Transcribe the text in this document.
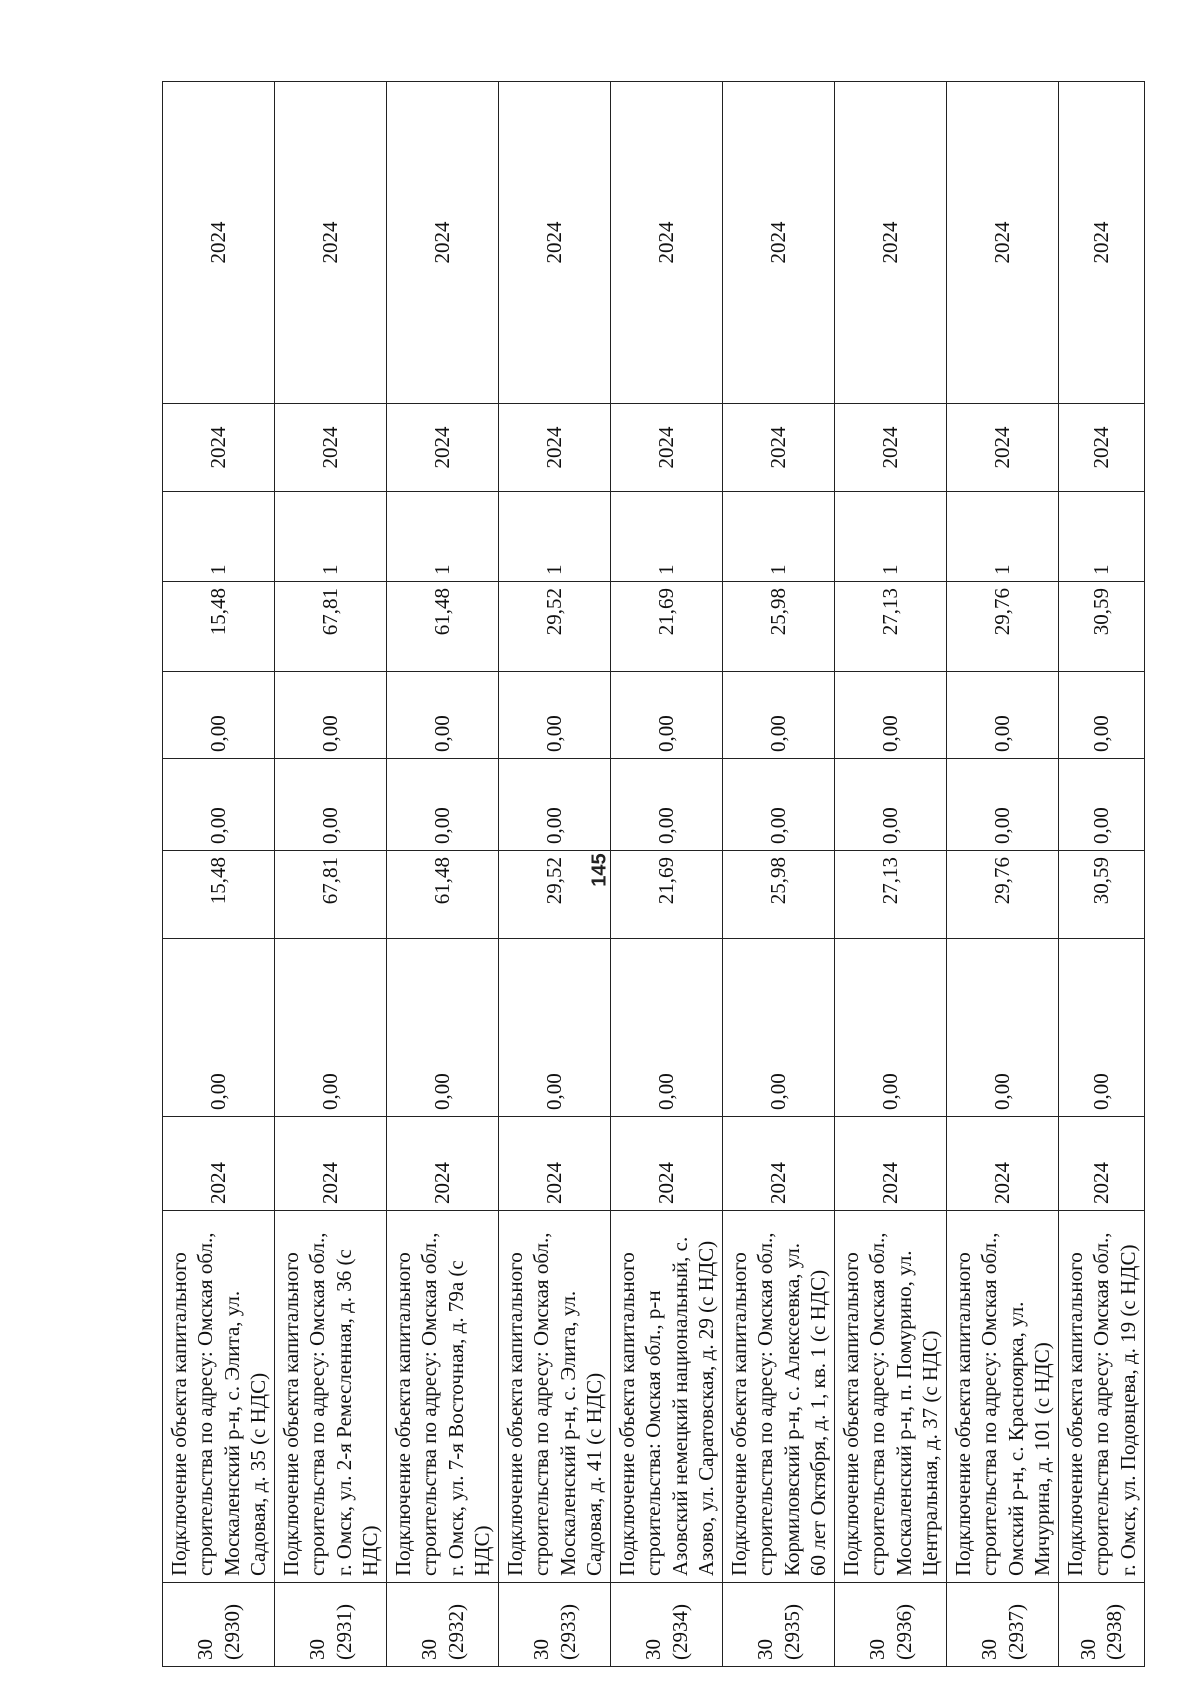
145
30 (2930)	Подключение объекта капитального строительства по адресу: Омская обл., Москаленский р-н, с. Элита, ул. Садовая, д. 35 (с НДС)	2024	0,00	15,48	0,00	0,00	15,48	1	2024	2024

30 (2931)	Подключение объекта капитального строительства по адресу: Омская обл., г. Омск, ул. 2-я Ремесленная, д. 36 (с НДС)	2024	0,00	67,81	0,00	0,00	67,81	1	2024	2024

30 (2932)	Подключение объекта капитального строительства по адресу: Омская обл., г. Омск, ул. 7-я Восточная, д. 79а (с НДС)	2024	0,00	61,48	0,00	0,00	61,48	1	2024	2024

30 (2933)	Подключение объекта капитального строительства по адресу: Омская обл., Москаленский р-н, с. Элита, ул. Садовая, д. 41 (с НДС)	2024	0,00	29,52	0,00	0,00	29,52	1	2024	2024

30 (2934)	Подключение объекта капитального строительства: Омская обл., р-н Азовский немецкий национальный, с. Азово, ул. Саратовская, д. 29 (с НДС)	2024	0,00	21,69	0,00	0,00	21,69	1	2024	2024

30 (2935)	Подключение объекта капитального строительства по адресу: Омская обл., Кормиловский р-н, с. Алексеевка, ул. 60 лет Октября, д. 1, кв. 1 (с НДС)	2024	0,00	25,98	0,00	0,00	25,98	1	2024	2024

30 (2936)	Подключение объекта капитального строительства по адресу: Омская обл., Москаленский р-н, п. Помурино, ул. Центральная, д. 37 (с НДС)	2024	0,00	27,13	0,00	0,00	27,13	1	2024	2024

30 (2937)	Подключение объекта капитального строительства по адресу: Омская обл., Омский р-н, с. Красноярка, ул. Мичурина, д. 101 (с НДС)	2024	0,00	29,76	0,00	0,00	29,76	1	2024	2024

30 (2938)	Подключение объекта капитального строительства по адресу: Омская обл., г. Омск, ул. Подовцева, д. 19 (с НДС)	2024	0,00	30,59	0,00	0,00	30,59	1	2024	2024
